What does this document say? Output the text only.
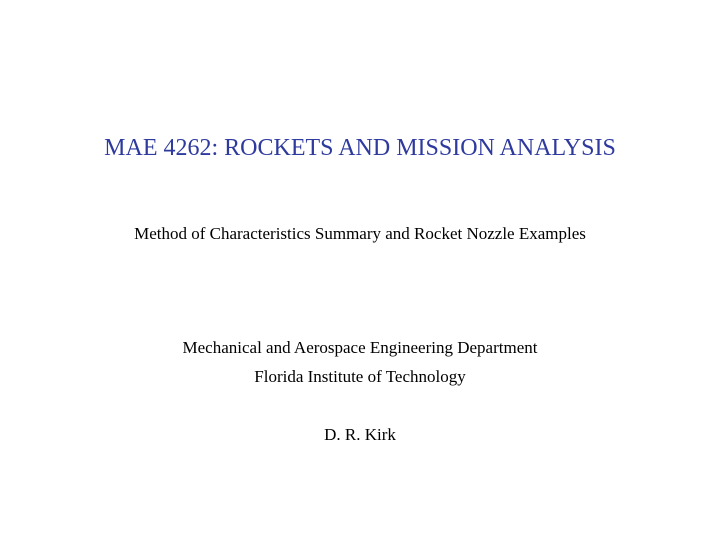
MAE 4262: ROCKETS AND MISSION ANALYSIS
Method of Characteristics Summary and Rocket Nozzle Examples
Mechanical and Aerospace Engineering Department
Florida Institute of Technology
D. R. Kirk
